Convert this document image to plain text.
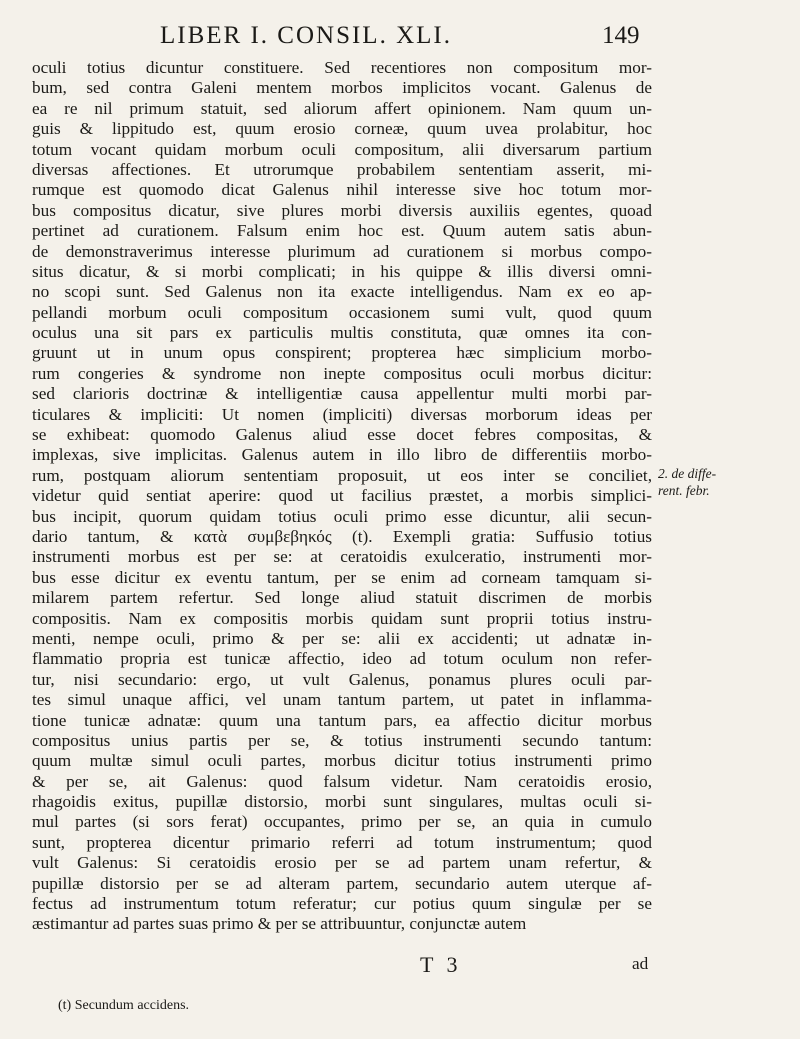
LIBER I. CONSIL. XLI.	149
oculi totius dicuntur constituere. Sed recentiores non compositum mor-
bum, sed contra Galeni mentem morbos implicitos vocant. Galenus de
ea re nil primum statuit, sed aliorum affert opinionem. Nam quum un-
guis & lippitudo est, quum erosio corneæ, quum uvea prolabitur, hoc
totum vocant quidam morbum oculi compositum, alii diversarum partium
diversas affectiones. Et utrorumque probabilem sententiam asserit, mi-
rumque est quomodo dicat Galenus nihil interesse sive hoc totum mor-
bus compositus dicatur, sive plures morbi diversis auxiliis egentes, quoad
pertinet ad curationem. Falsum enim hoc est. Quum autem satis abun-
de demonstraverimus interesse plurimum ad curationem si morbus compo-
situs dicatur, & si morbi complicati; in his quippe & illis diversi omni-
no scopi sunt. Sed Galenus non ita exacte intelligendus. Nam ex eo ap-
pellandi morbum oculi compositum occasionem sumi vult, quod quum
oculus una sit pars ex particulis multis constituta, quæ omnes ita con-
gruunt ut in unum opus conspirent; propterea hæc simplicium morbo-
rum congeries & syndrome non inepte compositus oculi morbus dicitur:
sed clarioris doctrinæ & intelligentiæ causa appellentur multi morbi par-
ticulares & impliciti: Ut nomen (impliciti) diversas morborum ideas per
se exhibeat: quomodo Galenus aliud esse docet febres compositas, &
implexas, sive implicitas. Galenus autem in illo libro de differentiis morbo-
rum, postquam aliorum sententiam proposuit, ut eos inter se conciliet,
videtur quid sentiat aperire: quod ut facilius præstet, a morbis simplici-
bus incipit, quorum quidam totius oculi primo esse dicuntur, alii secun-
dario tantum, & κατὰ συμβεβηκός (t). Exempli gratia: Suffusio totius
instrumenti morbus est per se: at ceratoidis exulceratio, instrumenti mor-
bus esse dicitur ex eventu tantum, per se enim ad corneam tamquam si-
milarem partem refertur. Sed longe aliud statuit discrimen de morbis
compositis. Nam ex compositis morbis quidam sunt proprii totius instru-
menti, nempe oculi, primo & per se: alii ex accidenti; ut adnatæ in-
flammatio propria est tunicæ affectio, ideo ad totum oculum non refer-
tur, nisi secundario: ergo, ut vult Galenus, ponamus plures oculi par-
tes simul unaque affici, vel unam tantum partem, ut patet in inflamma-
tione tunicæ adnatæ: quum una tantum pars, ea affectio dicitur morbus
compositus unius partis per se, & totius instrumenti secundo tantum:
quum multæ simul oculi partes, morbus dicitur totius instrumenti primo
& per se, ait Galenus: quod falsum videtur. Nam ceratoidis erosio,
rhagoidis exitus, pupillæ distorsio, morbi sunt singulares, multas oculi si-
mul partes (si sors ferat) occupantes, primo per se, an quia in cumulo
sunt, propterea dicentur primario referri ad totum instrumentum; quod
vult Galenus: Si ceratoidis erosio per se ad partem unam refertur, &
pupillæ distorsio per se ad alteram partem, secundario autem uterque af-
fectus ad instrumentum totum referatur; cur potius quum singulæ per se
æstimantur ad partes suas primo & per se attribuuntur, conjunctæ autem
2. de diffe-
rent. febr.
T 3	ad
(t) Secundum accidens.
